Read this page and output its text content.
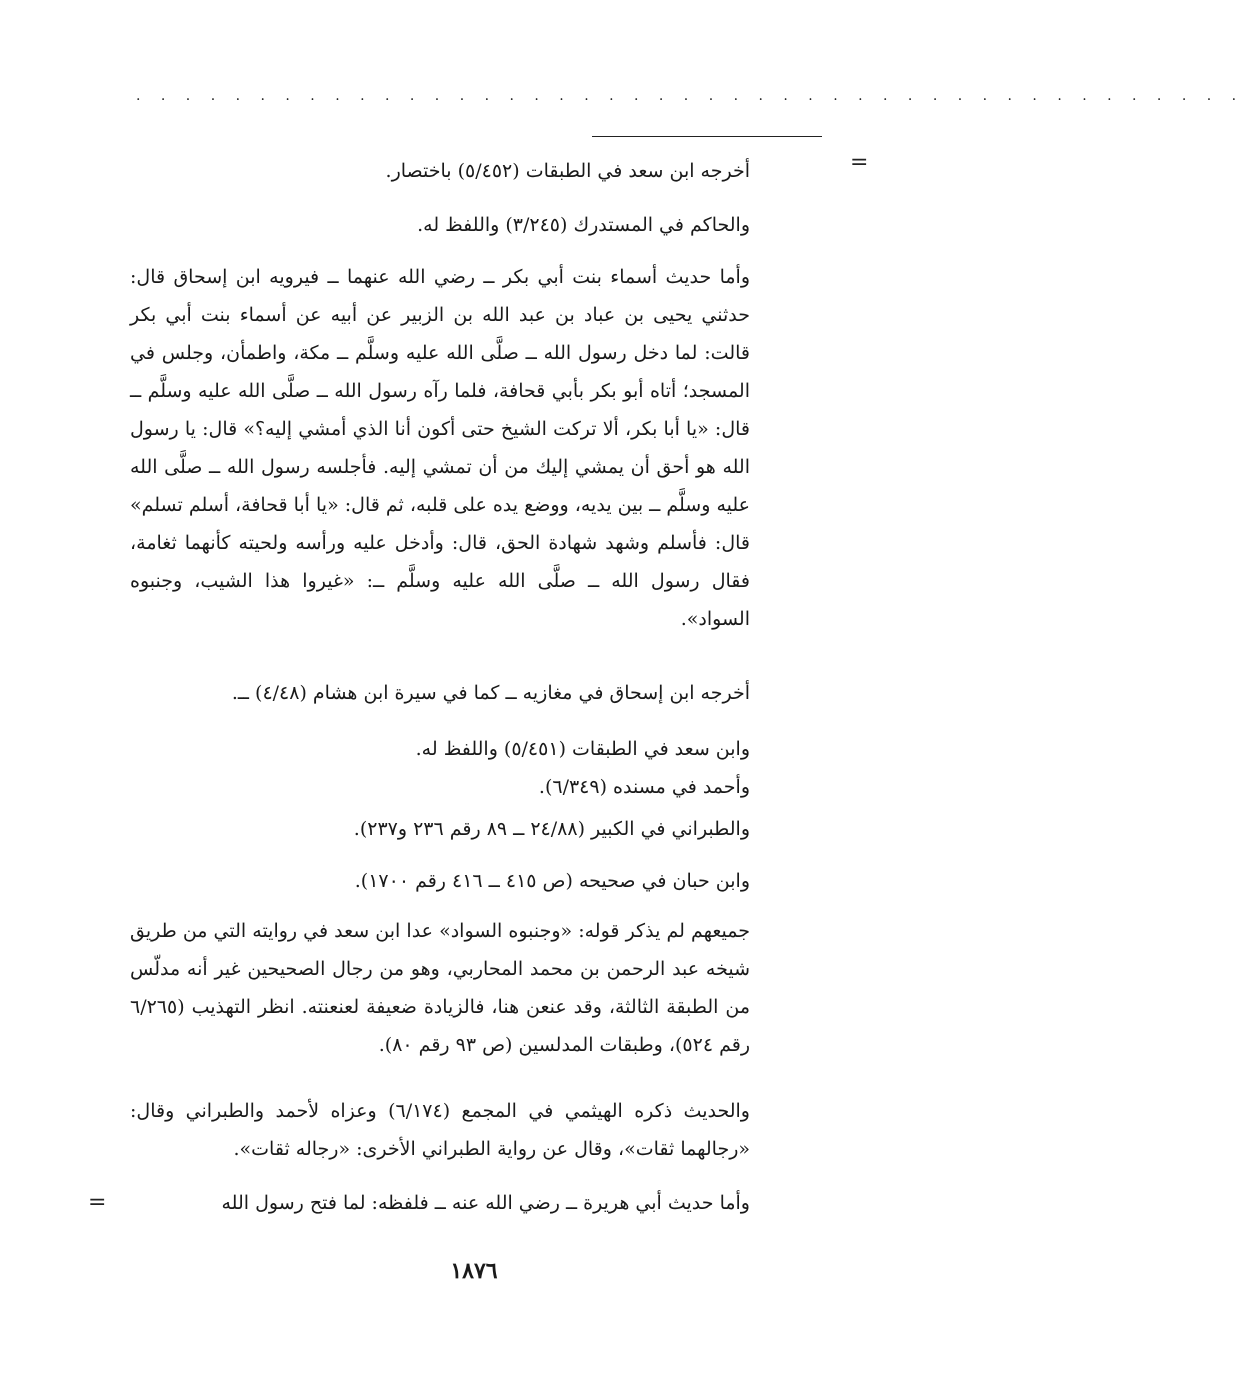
. . . . . . . . . . . . . . . . . . . . . . . . . . . . . . . . . . . . . . . . . . . . .
=
أخرجه ابن سعد في الطبقات (٥/٤٥٢) باختصار.
والحاكم في المستدرك (٣/٢٤٥) واللفظ له.
وأما حديث أسماء بنت أبي بكر ــ رضي الله عنهما ــ فيرويه ابن إسحاق قال: حدثني يحيى بن عباد بن عبد الله بن الزبير عن أبيه عن أسماء بنت أبي بكر قالت: لما دخل رسول الله ــ صلَّى الله عليه وسلَّم ــ مكة، واطمأن، وجلس في المسجد؛ أتاه أبو بكر بأبي قحافة، فلما رآه رسول الله ــ صلَّى الله عليه وسلَّم ــ قال: «يا أبا بكر، ألا تركت الشيخ حتى أكون أنا الذي أمشي إليه؟» قال: يا رسول الله هو أحق أن يمشي إليك من أن تمشي إليه. فأجلسه رسول الله ــ صلَّى الله عليه وسلَّم ــ بين يديه، ووضع يده على قلبه، ثم قال: «يا أبا قحافة، أسلم تسلم» قال: فأسلم وشهد شهادة الحق، قال: وأدخل عليه ورأسه ولحيته كأنهما ثغامة، فقال رسول الله ــ صلَّى الله عليه وسلَّم ــ: «غيروا هذا الشيب، وجنبوه السواد».
أخرجه ابن إسحاق في مغازيه ــ كما في سيرة ابن هشام (٤/٤٨) ــ.
وابن سعد في الطبقات (٥/٤٥١) واللفظ له.
وأحمد في مسنده (٦/٣٤٩).
والطبراني في الكبير (٢٤/٨٨ ــ ٨٩ رقم ٢٣٦ و٢٣٧).
وابن حبان في صحيحه (ص ٤١٥ ــ ٤١٦ رقم ١٧٠٠).
جميعهم لم يذكر قوله: «وجنبوه السواد» عدا ابن سعد في روايته التي من طريق شيخه عبد الرحمن بن محمد المحاربي، وهو من رجال الصحيحين غير أنه مدلّس من الطبقة الثالثة، وقد عنعن هنا، فالزيادة ضعيفة لعنعنته. انظر التهذيب (٦/٢٦٥ رقم ٥٢٤)، وطبقات المدلسين (ص ٩٣ رقم ٨٠).
والحديث ذكره الهيثمي في المجمع (٦/١٧٤) وعزاه لأحمد والطبراني وقال: «رجالهما ثقات»، وقال عن رواية الطبراني الأخرى: «رجاله ثقات».
وأما حديث أبي هريرة ــ رضي الله عنه ــ فلفظه: لما فتح رسول الله
=
١٨٧٦
